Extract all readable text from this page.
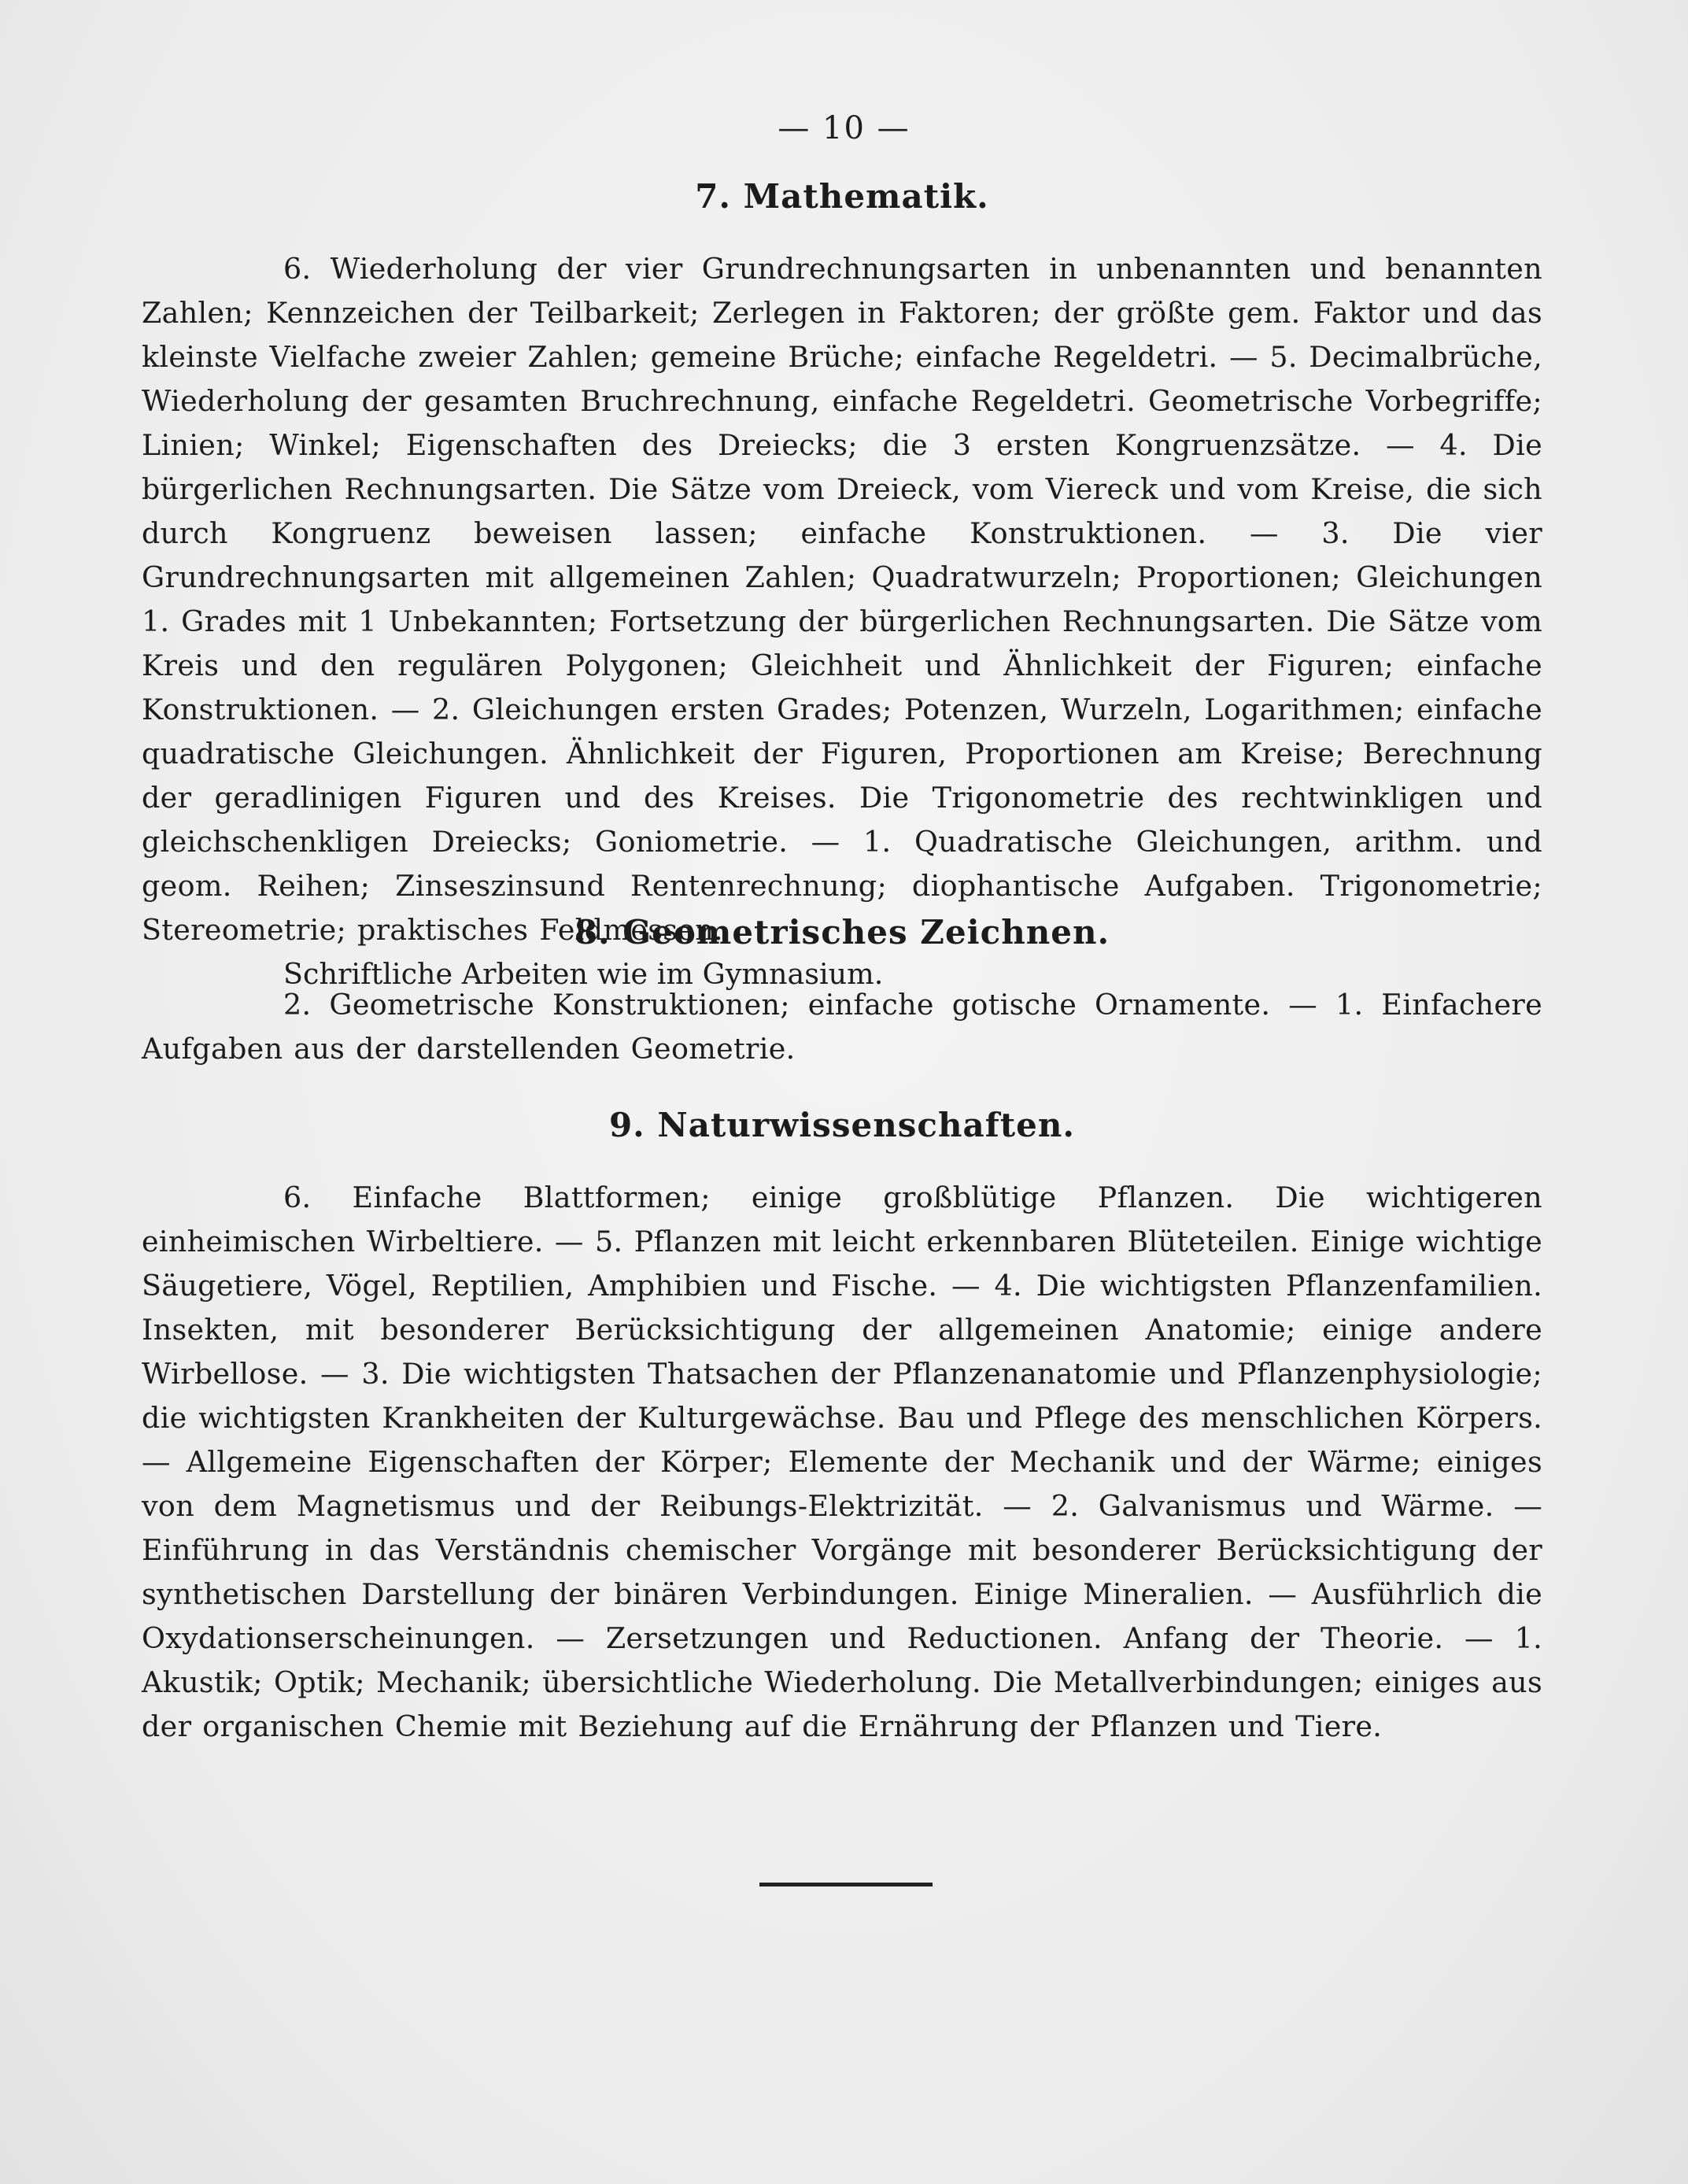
— 10 —
7. Mathematik.

6. Wiederholung der vier Grundrechnungsarten in unbenannten und benannten Zahlen; Kennzeichen der Teilbarkeit; Zerlegen in Faktoren; der größte gem. Faktor und das kleinste Vielfache zweier Zahlen; gemeine Brüche; einfache Regeldetri. — 5. Decimalbrüche, Wiederholung der gesamten Bruchrechnung, einfache Regeldetri. Geometrische Vorbegriffe; Linien; Winkel; Eigenschaften des Dreiecks; die 3 ersten Kongruenzsätze. — 4. Die bürgerlichen Rechnungsarten. Die Sätze vom Dreieck, vom Viereck und vom Kreise, die sich durch Kongruenz beweisen lassen; einfache Konstruktionen. — 3. Die vier Grundrechnungsarten mit allgemeinen Zahlen; Quadratwurzeln; Proportionen; Gleichungen 1. Grades mit 1 Unbekannten; Fortsetzung der bürgerlichen Rechnungsarten. Die Sätze vom Kreis und den regulären Polygonen; Gleichheit und Ähnlichkeit der Figuren; einfache Konstruktionen. — 2. Gleichungen ersten Grades; Potenzen, Wurzeln, Logarithmen; einfache quadratische Gleichungen. Ähnlichkeit der Figuren, Proportionen am Kreise; Berechnung der geradlinigen Figuren und des Kreises. Die Trigonometrie des rechtwinkligen und gleichschenkligen Dreiecks; Goniometrie. — 1. Quadratische Gleichungen, arithm. und geom. Reihen; Zinseszinsund Rentenrechnung; diophantische Aufgaben. Trigonometrie; Stereometrie; praktisches Feldmessen.

Schriftliche Arbeiten wie im Gymnasium.

8. Geometrisches Zeichnen.

2. Geometrische Konstruktionen; einfache gotische Ornamente. — 1. Einfachere Aufgaben aus der darstellenden Geometrie.

9. Naturwissenschaften.

6. Einfache Blattformen; einige großblütige Pflanzen. Die wichtigeren einheimischen Wirbeltiere. — 5. Pflanzen mit leicht erkennbaren Blüteteilen. Einige wichtige Säugetiere, Vögel, Reptilien, Amphibien und Fische. — 4. Die wichtigsten Pflanzenfamilien. Insekten, mit besonderer Berücksichtigung der allgemeinen Anatomie; einige andere Wirbellose. — 3. Die wichtigsten Thatsachen der Pflanzenanatomie und Pflanzenphysiologie; die wichtigsten Krankheiten der Kulturgewächse. Bau und Pflege des menschlichen Körpers. — Allgemeine Eigenschaften der Körper; Elemente der Mechanik und der Wärme; einiges von dem Magnetismus und der Reibungs-Elektrizität. — 2. Galvanismus und Wärme. — Einführung in das Verständnis chemischer Vorgänge mit besonderer Berücksichtigung der synthetischen Darstellung der binären Verbindungen. Einige Mineralien. — Ausführlich die Oxydationserscheinungen. — Zersetzungen und Reductionen. Anfang der Theorie. — 1. Akustik; Optik; Mechanik; übersichtliche Wiederholung. Die Metallverbindungen; einiges aus der organischen Chemie mit Beziehung auf die Ernährung der Pflanzen und Tiere.
